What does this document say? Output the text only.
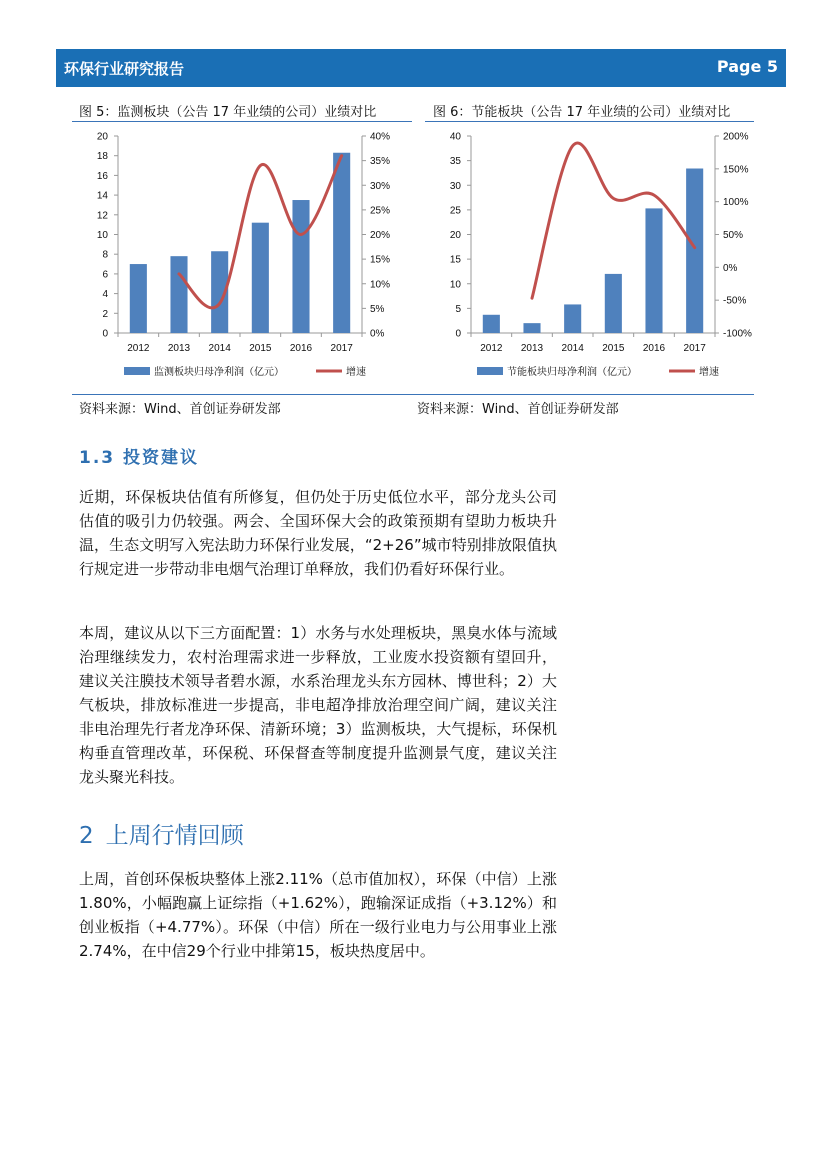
环保行业研究报告	Page 5
图 5：监测板块（公告 17 年业绩的公司）业绩对比	图 6：节能板块（公告 17 年业绩的公司）业绩对比
0
2
4
6
8
10
12
14
16
18
20
0%
5%
10%
15%
20%
25%
30%
35%
40%
2012 2013 2014 2015 2016 2017
监测板块归母净利润（亿元）	增速
0
5
10
15
20
25
30
35
40
-100%
-50%
0%
50%
100%
150%
200%
2012 2013 2014 2015 2016 2017
节能板块归母净利润（亿元）	增速
资料来源：Wind、首创证券研发部	资料来源：Wind、首创证券研发部
1.3 投资建议
近期，环保板块估值有所修复，但仍处于历史低位水平，部分龙头公司估值的吸引力仍较强。两会、全国环保大会的政策预期有望助力板块升温，生态文明写入宪法助力环保行业发展，“2+26”城市特别排放限值执行规定进一步带动非电烟气治理订单释放，我们仍看好环保行业。
本周，建议从以下三方面配置：1）水务与水处理板块，黑臭水体与流域治理继续发力，农村治理需求进一步释放，工业废水投资额有望回升，建议关注膜技术领导者碧水源，水系治理龙头东方园林、博世科；2）大气板块，排放标准进一步提高，非电超净排放治理空间广阔，建议关注非电治理先行者龙净环保、清新环境；3）监测板块，大气提标，环保机构垂直管理改革，环保税、环保督查等制度提升监测景气度，建议关注龙头聚光科技。
2 上周行情回顾
上周，首创环保板块整体上涨2.11%（总市值加权），环保（中信）上涨1.80%，小幅跑赢上证综指（+1.62%），跑输深证成指（+3.12%）和创业板指（+4.77%）。环保（中信）所在一级行业电力与公用事业上涨2.74%，在中信29个行业中排第15，板块热度居中。
